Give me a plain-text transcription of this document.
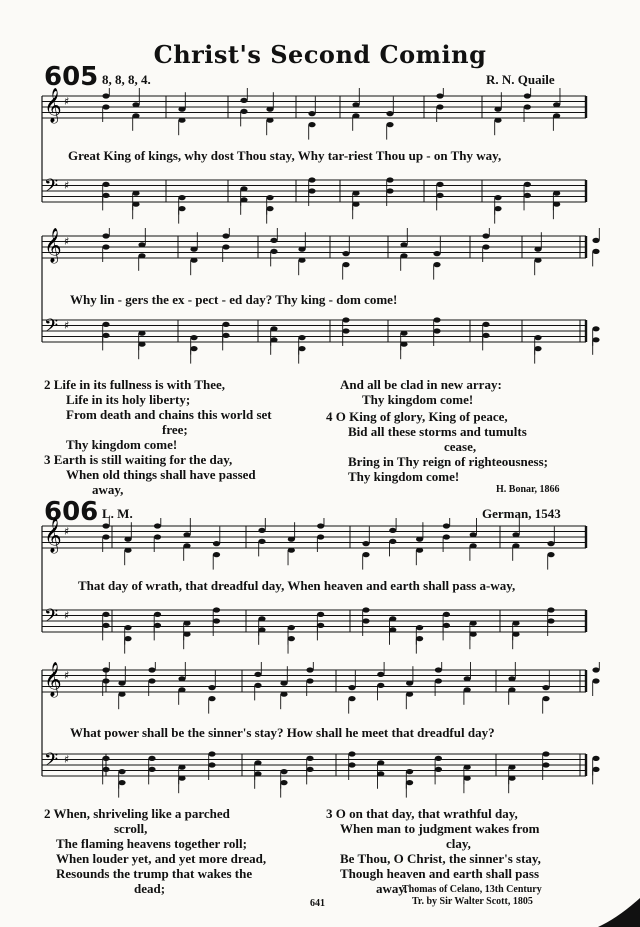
Christ's Second Coming
605 8, 8, 8, 4.	R. N. Quaile
𝄞 ♯
𝄢 ♯
Great King of kings, why dost Thou stay, Why tar-riest Thou up - on Thy way,
𝄞 ♯
𝄢 ♯
Why lin - gers the ex - pect - ed day? Thy king - dom come!
2 Life in its fullness is with Thee,

Life in its holy liberty;
From death and chains this world set
free;
Thy kingdom come!
3 Earth is still waiting for the day,

When old things shall have passed
away,
And all be clad in new array:
Thy kingdom come!
4 O King of glory, King of peace,

Bid all these storms and tumults
cease,
Bring in Thy reign of righteousness;
Thy kingdom come!
H. Bonar, 1866
606 L. M.	German, 1543
𝄞 ♯
𝄢 ♯
That day of wrath, that dreadful day, When heaven and earth shall pass a-way,
𝄞 ♯
𝄢 ♯
What power shall be the sinner's stay? How shall he meet that dreadful day?
2 When, shriveling like a parched

scroll,
The flaming heavens together roll;
When louder yet, and yet more dread,
Resounds the trump that wakes the
dead;
3 O on that day, that wrathful day,

When man to judgment wakes from
clay,
Be Thou, O Christ, the sinner's stay,
Though heaven and earth shall pass
away.
Thomas of Celano, 13th Century
Tr. by Sir Walter Scott, 1805
641
